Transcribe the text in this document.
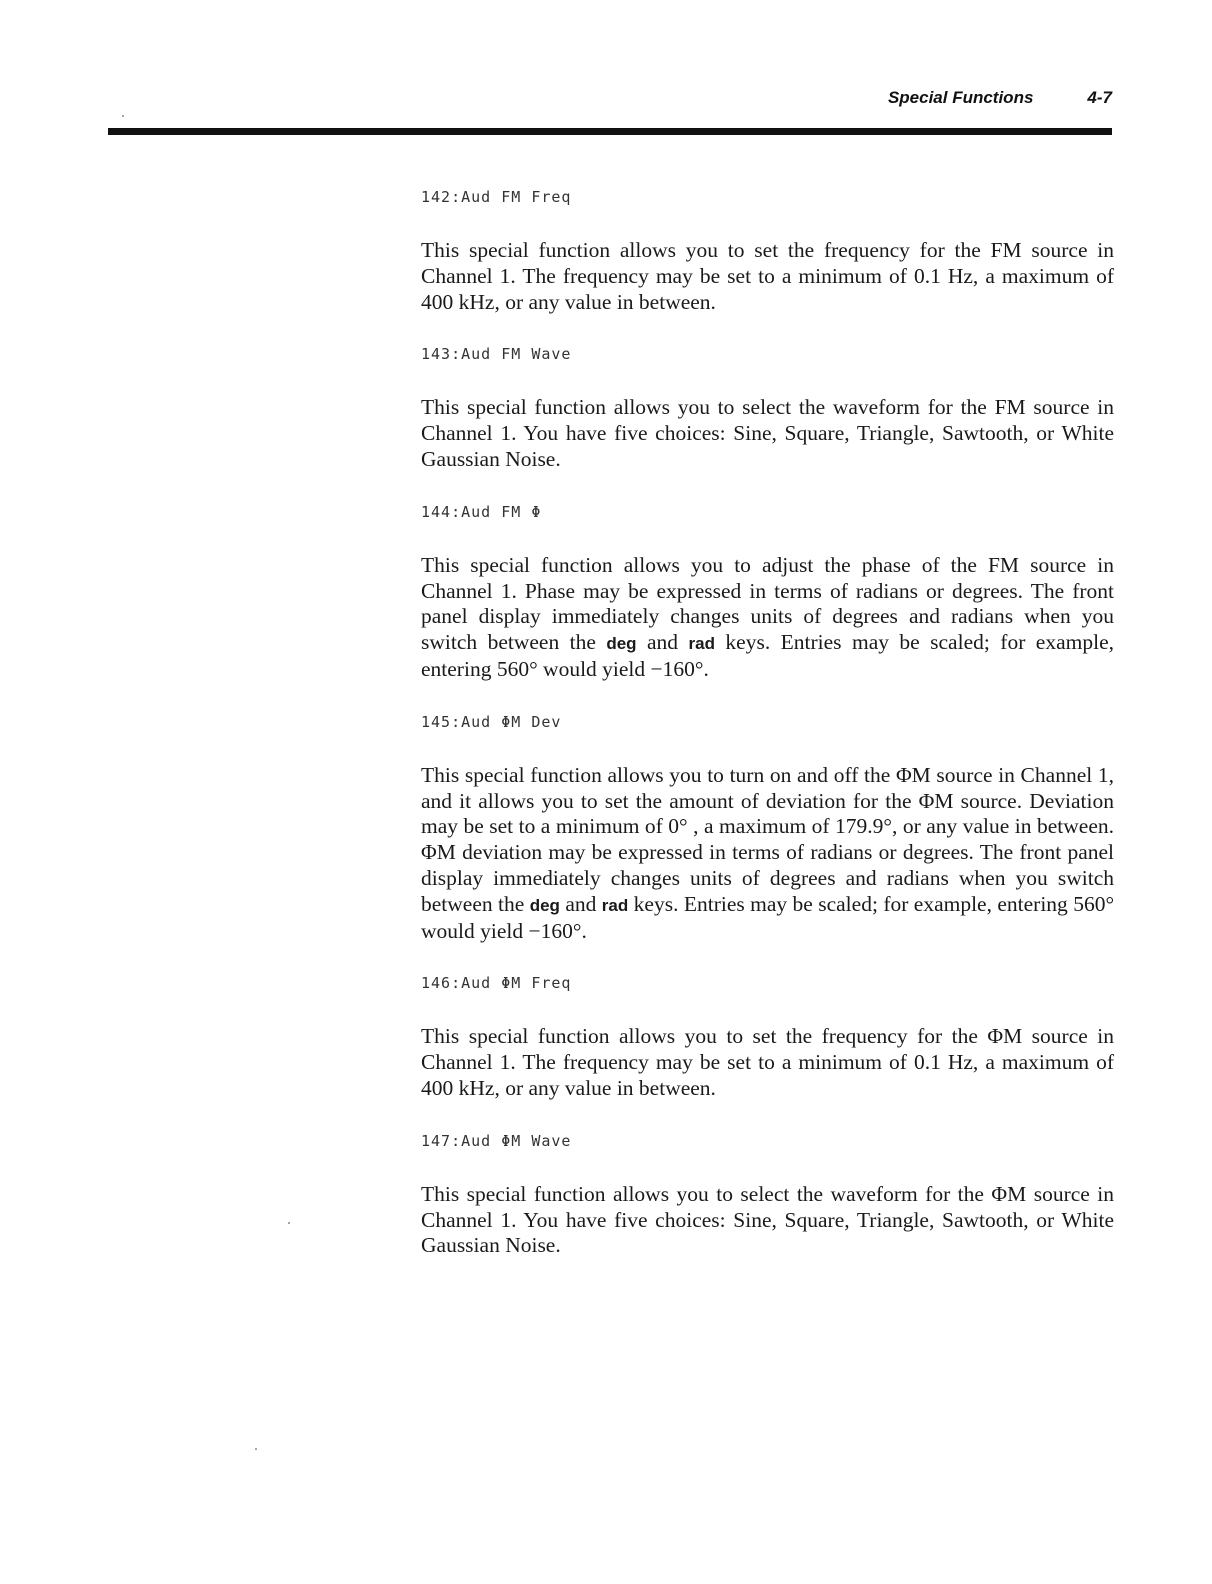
Special Functions	4-7
142:Aud FM Freq

This special function allows you to set the frequency for the FM source in Channel 1. The frequency may be set to a minimum of 0.1 Hz, a maximum of 400 kHz, or any value in between.

143:Aud FM Wave

This special function allows you to select the waveform for the FM source in Channel 1. You have five choices: Sine, Square, Triangle, Sawtooth, or White Gaussian Noise.

144:Aud FM Φ

This special function allows you to adjust the phase of the FM source in Channel 1. Phase may be expressed in terms of radians or degrees. The front panel display immediately changes units of degrees and radians when you switch between the deg and rad keys. Entries may be scaled; for example, entering 560° would yield −160°.

145:Aud ΦM Dev

This special function allows you to turn on and off the ΦM source in Channel 1, and it allows you to set the amount of deviation for the ΦM source. Deviation may be set to a minimum of 0° , a maximum of 179.9°, or any value in between. ΦM deviation may be expressed in terms of radians or degrees. The front panel display immediately changes units of degrees and radians when you switch between the deg and rad keys. Entries may be scaled; for example, entering 560° would yield −160°.

146:Aud ΦM Freq

This special function allows you to set the frequency for the ΦM source in Channel 1. The frequency may be set to a minimum of 0.1 Hz, a maximum of 400 kHz, or any value in between.

147:Aud ΦM Wave

This special function allows you to select the waveform for the ΦM source in Channel 1. You have five choices: Sine, Square, Triangle, Sawtooth, or White Gaussian Noise.
